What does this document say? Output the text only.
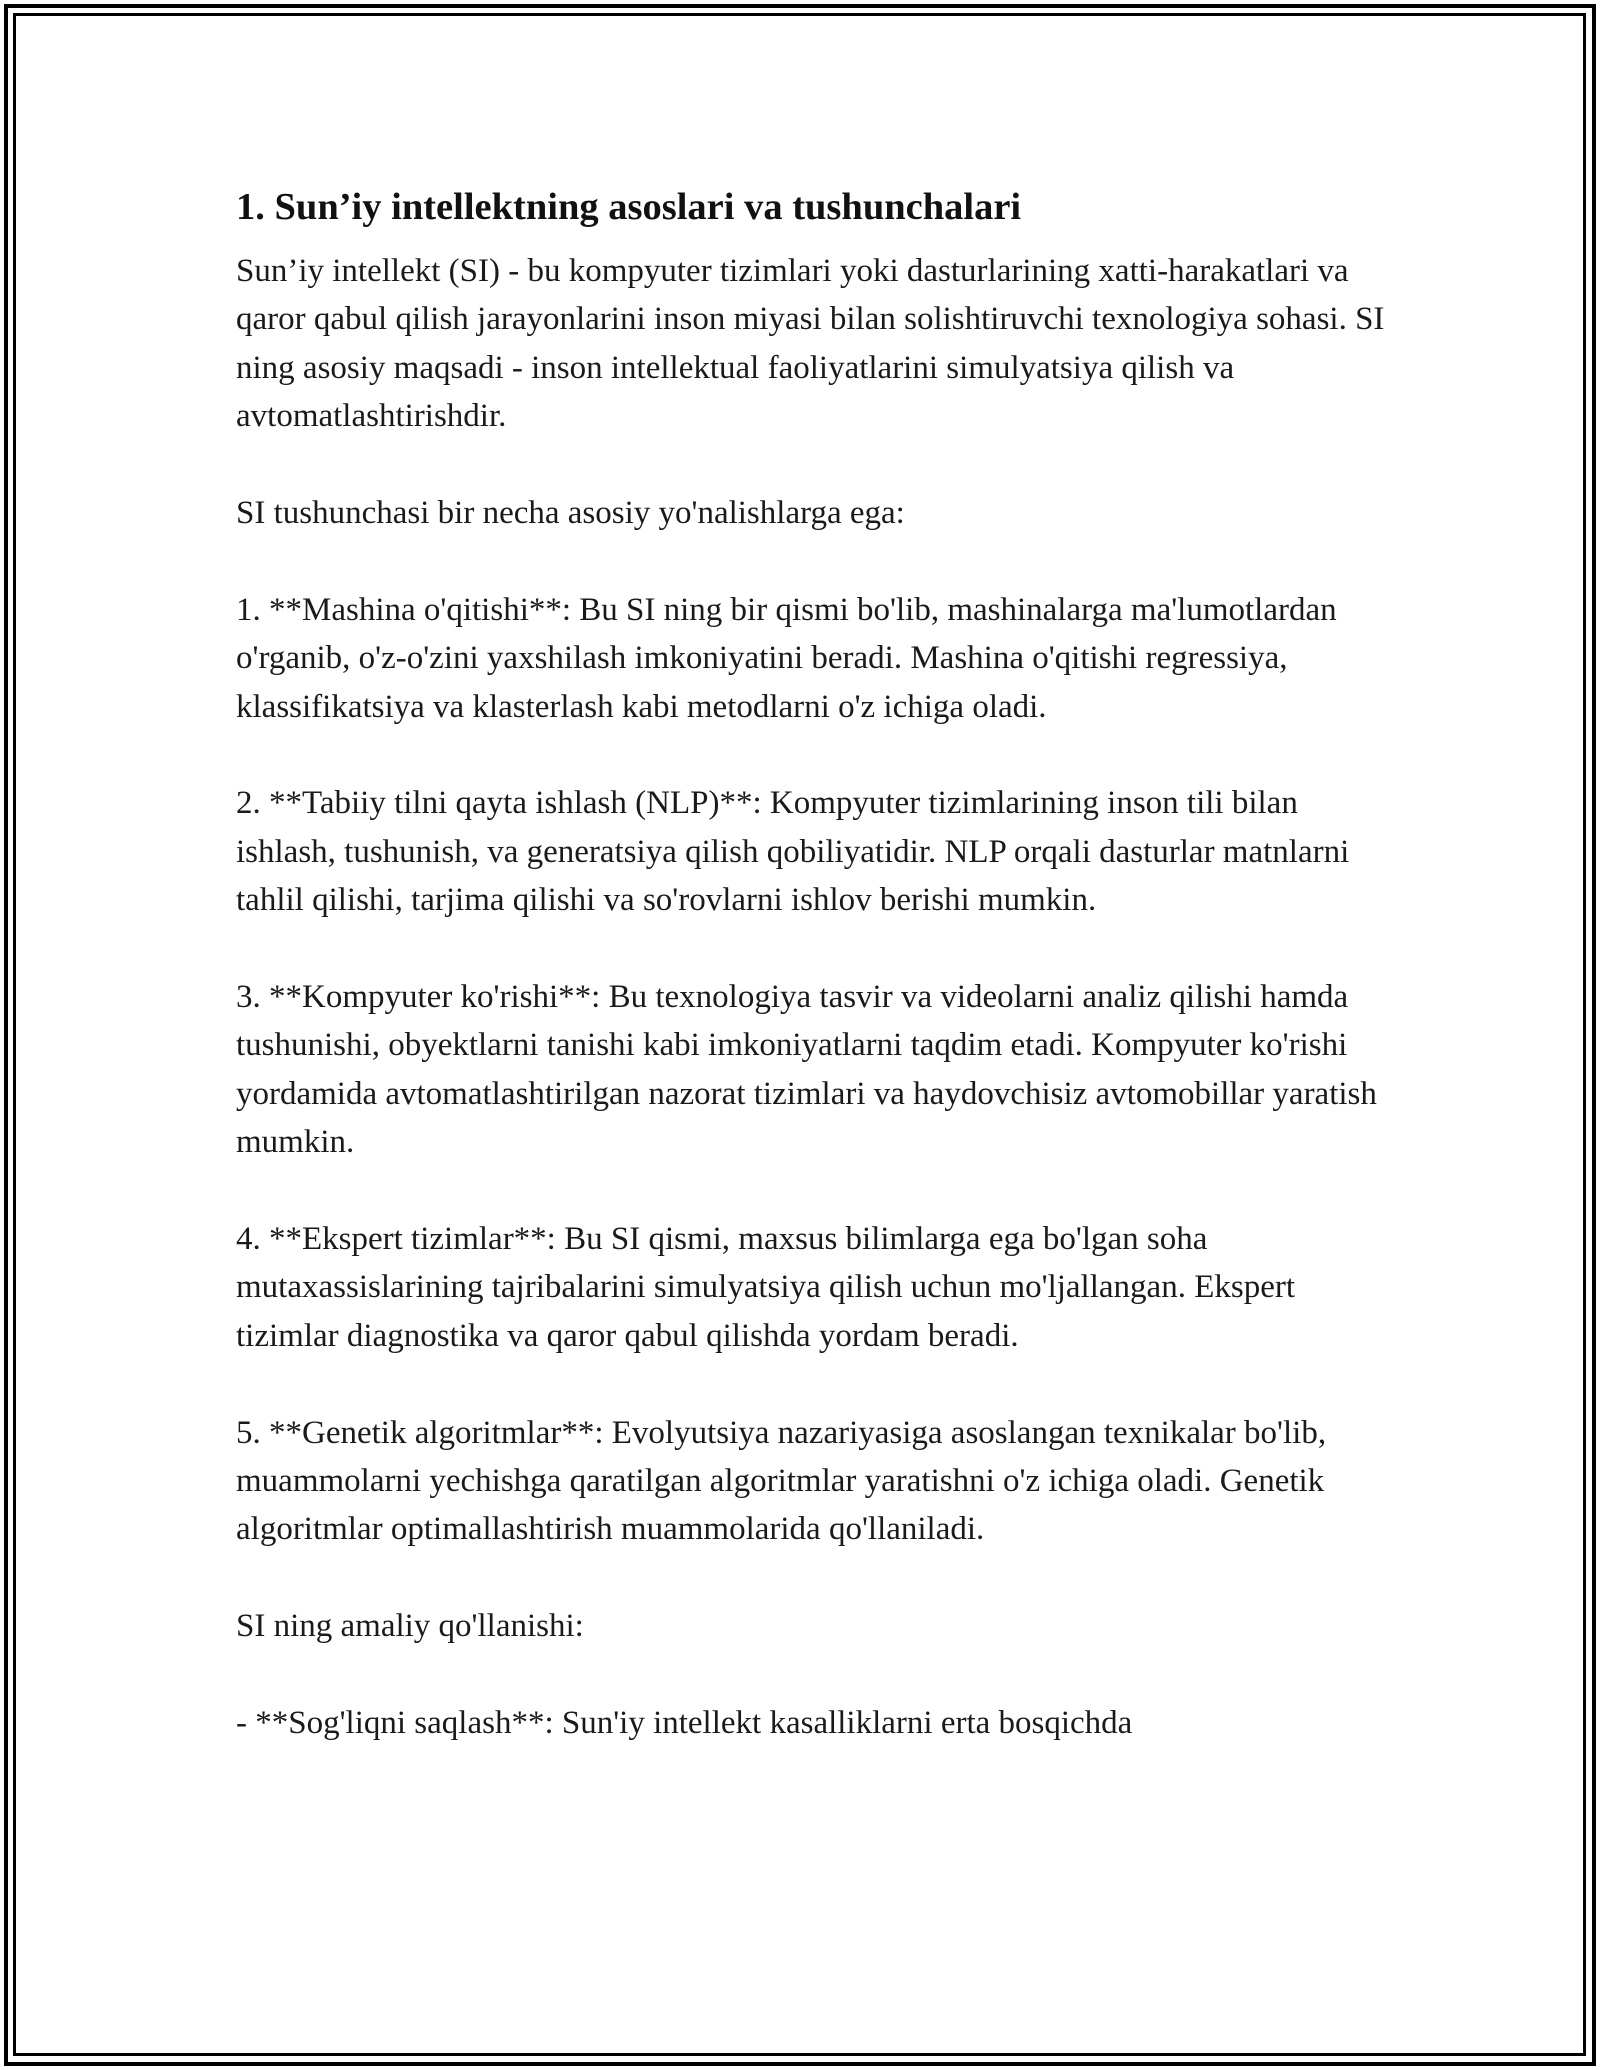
1. Sun’iy intellektning asoslari va tushunchalari

Sun’iy intellekt (SI) - bu kompyuter tizimlari yoki dasturlarining xatti-harakatlari va qaror qabul qilish jarayonlarini inson miyasi bilan solishtiruvchi texnologiya sohasi. SI ning asosiy maqsadi - inson intellektual faoliyatlarini simulyatsiya qilish va avtomatlashtirishdir.

SI tushunchasi bir necha asosiy yo'nalishlarga ega:

1. **Mashina o'qitishi**: Bu SI ning bir qismi bo'lib, mashinalarga ma'lumotlardan o'rganib, o'z-o'zini yaxshilash imkoniyatini beradi. Mashina o'qitishi regressiya, klassifikatsiya va klasterlash kabi metodlarni o'z ichiga oladi.

2. **Tabiiy tilni qayta ishlash (NLP)**: Kompyuter tizimlarining inson tili bilan ishlash, tushunish, va generatsiya qilish qobiliyatidir. NLP orqali dasturlar matnlarni tahlil qilishi, tarjima qilishi va so'rovlarni ishlov berishi mumkin.

3. **Kompyuter ko'rishi**: Bu texnologiya tasvir va videolarni analiz qilishi hamda tushunishi, obyektlarni tanishi kabi imkoniyatlarni taqdim etadi. Kompyuter ko'rishi yordamida avtomatlashtirilgan nazorat tizimlari va haydovchisiz avtomobillar yaratish mumkin.

4. **Ekspert tizimlar**: Bu SI qismi, maxsus bilimlarga ega bo'lgan soha mutaxassislarining tajribalarini simulyatsiya qilish uchun mo'ljallangan. Ekspert tizimlar diagnostika va qaror qabul qilishda yordam beradi.

5. **Genetik algoritmlar**: Evolyutsiya nazariyasiga asoslangan texnikalar bo'lib, muammolarni yechishga qaratilgan algoritmlar yaratishni o'z ichiga oladi. Genetik algoritmlar optimallashtirish muammolarida qo'llaniladi.

SI ning amaliy qo'llanishi:

- **Sog'liqni saqlash**: Sun'iy intellekt kasalliklarni erta bosqichda
